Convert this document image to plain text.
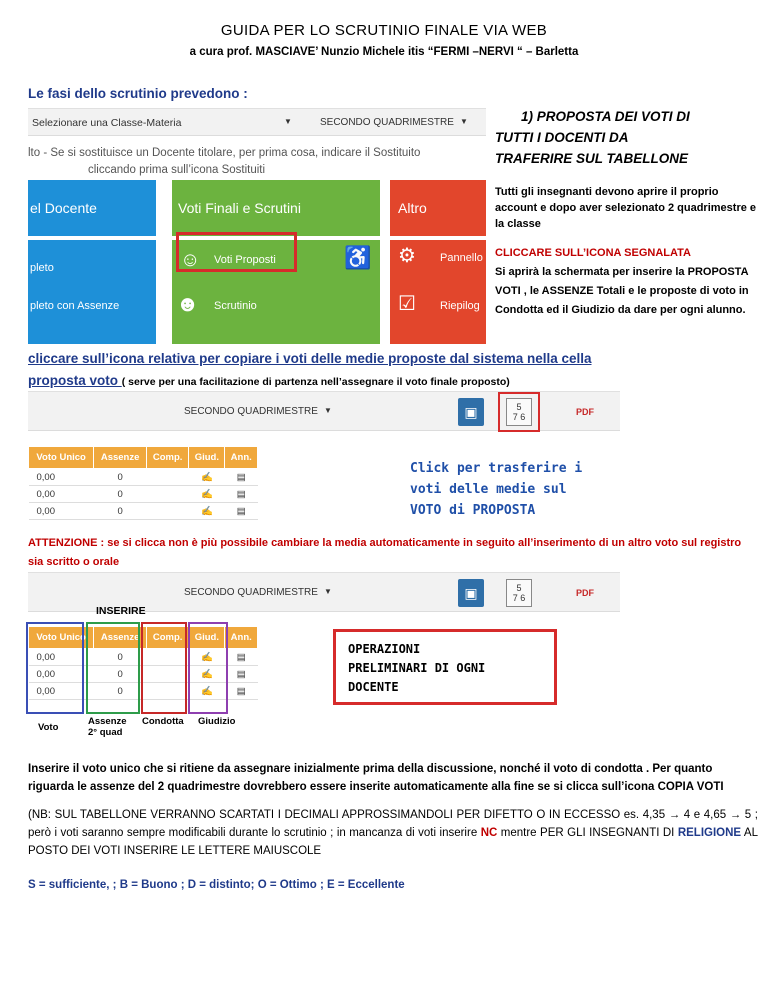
GUIDA PER LO SCRUTINIO FINALE VIA WEB
a cura prof. MASCIAVE’ Nunzio Michele itis “FERMI –NERVI “ – Barletta
Le fasi dello scrutinio prevedono :
Selezionare una Classe-Materia	▼	SECONDO QUADRIMESTRE ▼
lto - Se si sostituisce un Docente titolare, per prima cosa, indicare il Sostituito
cliccando prima sull’icona Sostituiti
el Docente
pleto
pleto con Assenze
Voti Finali e Scrutini
☺ Voti Proposti	♿
☻ Scrutinio
Altro
⚙ Pannello
☑ Riepilog
1) PROPOSTA DEI VOTI DI
TUTTI I DOCENTI DA
TRAFERIRE SUL TABELLONE
Tutti gli insegnanti devono aprire il proprio account e dopo aver selezionato 2 quadrimestre e la classe
CLICCARE SULL’ICONA SEGNALATA
Si aprirà la schermata per inserire la PROPOSTA VOTI , le ASSENZE Totali e le proposte di voto in Condotta ed il Giudizio da dare per ogni alunno.
cliccare sull’icona relativa per copiare i voti delle medie proposte dal sistema nella cella
proposta voto ( serve per una facilitazione di partenza nell’assegnare il voto finale proposto)
SECONDO QUADRIMESTRE ▼	▣	5
7 6	PDF
Voto Unico	Assenze	Comp.	Giud.	Ann.
0,00	0		✍	▤
0,00	0		✍	▤
0,00	0		✍	▤
Click per trasferire i
voti delle medie sul
VOTO di PROPOSTA
ATTENZIONE : se si clicca non è più possibile cambiare la media automaticamente in seguito all’inserimento di un altro voto sul registro sia scritto o orale
SECONDO QUADRIMESTRE ▼	▣	5
7 6	PDF
INSERIRE
Voto Unico	Assenze	Comp.	Giud.	Ann.
0,00	0		✍	▤
0,00	0		✍	▤
0,00	0		✍	▤
Voto
Assenze
2° quad
Condotta Giudizio
OPERAZIONI
PRELIMINARI DI OGNI
DOCENTE
Inserire il voto unico che si ritiene da assegnare inizialmente prima della discussione, nonché il voto di condotta . Per quanto riguarda le assenze del 2 quadrimestre dovrebbero essere inserite automaticamente alla fine se si clicca sull’icona COPIA VOTI
(NB: SUL TABELLONE VERRANNO SCARTATI I DECIMALI APPROSSIMANDOLI PER DIFETTO O IN ECCESSO es. 4,35 → 4 e 4,65 → 5 ; però i voti saranno sempre modificabili durante lo scrutinio ; in mancanza di voti inserire NC mentre PER GLI INSEGNANTI DI RELIGIONE AL POSTO DEI VOTI INSERIRE LE LETTERE MAIUSCOLE
S = sufficiente, ; B = Buono ; D = distinto; O = Ottimo ; E = Eccellente
